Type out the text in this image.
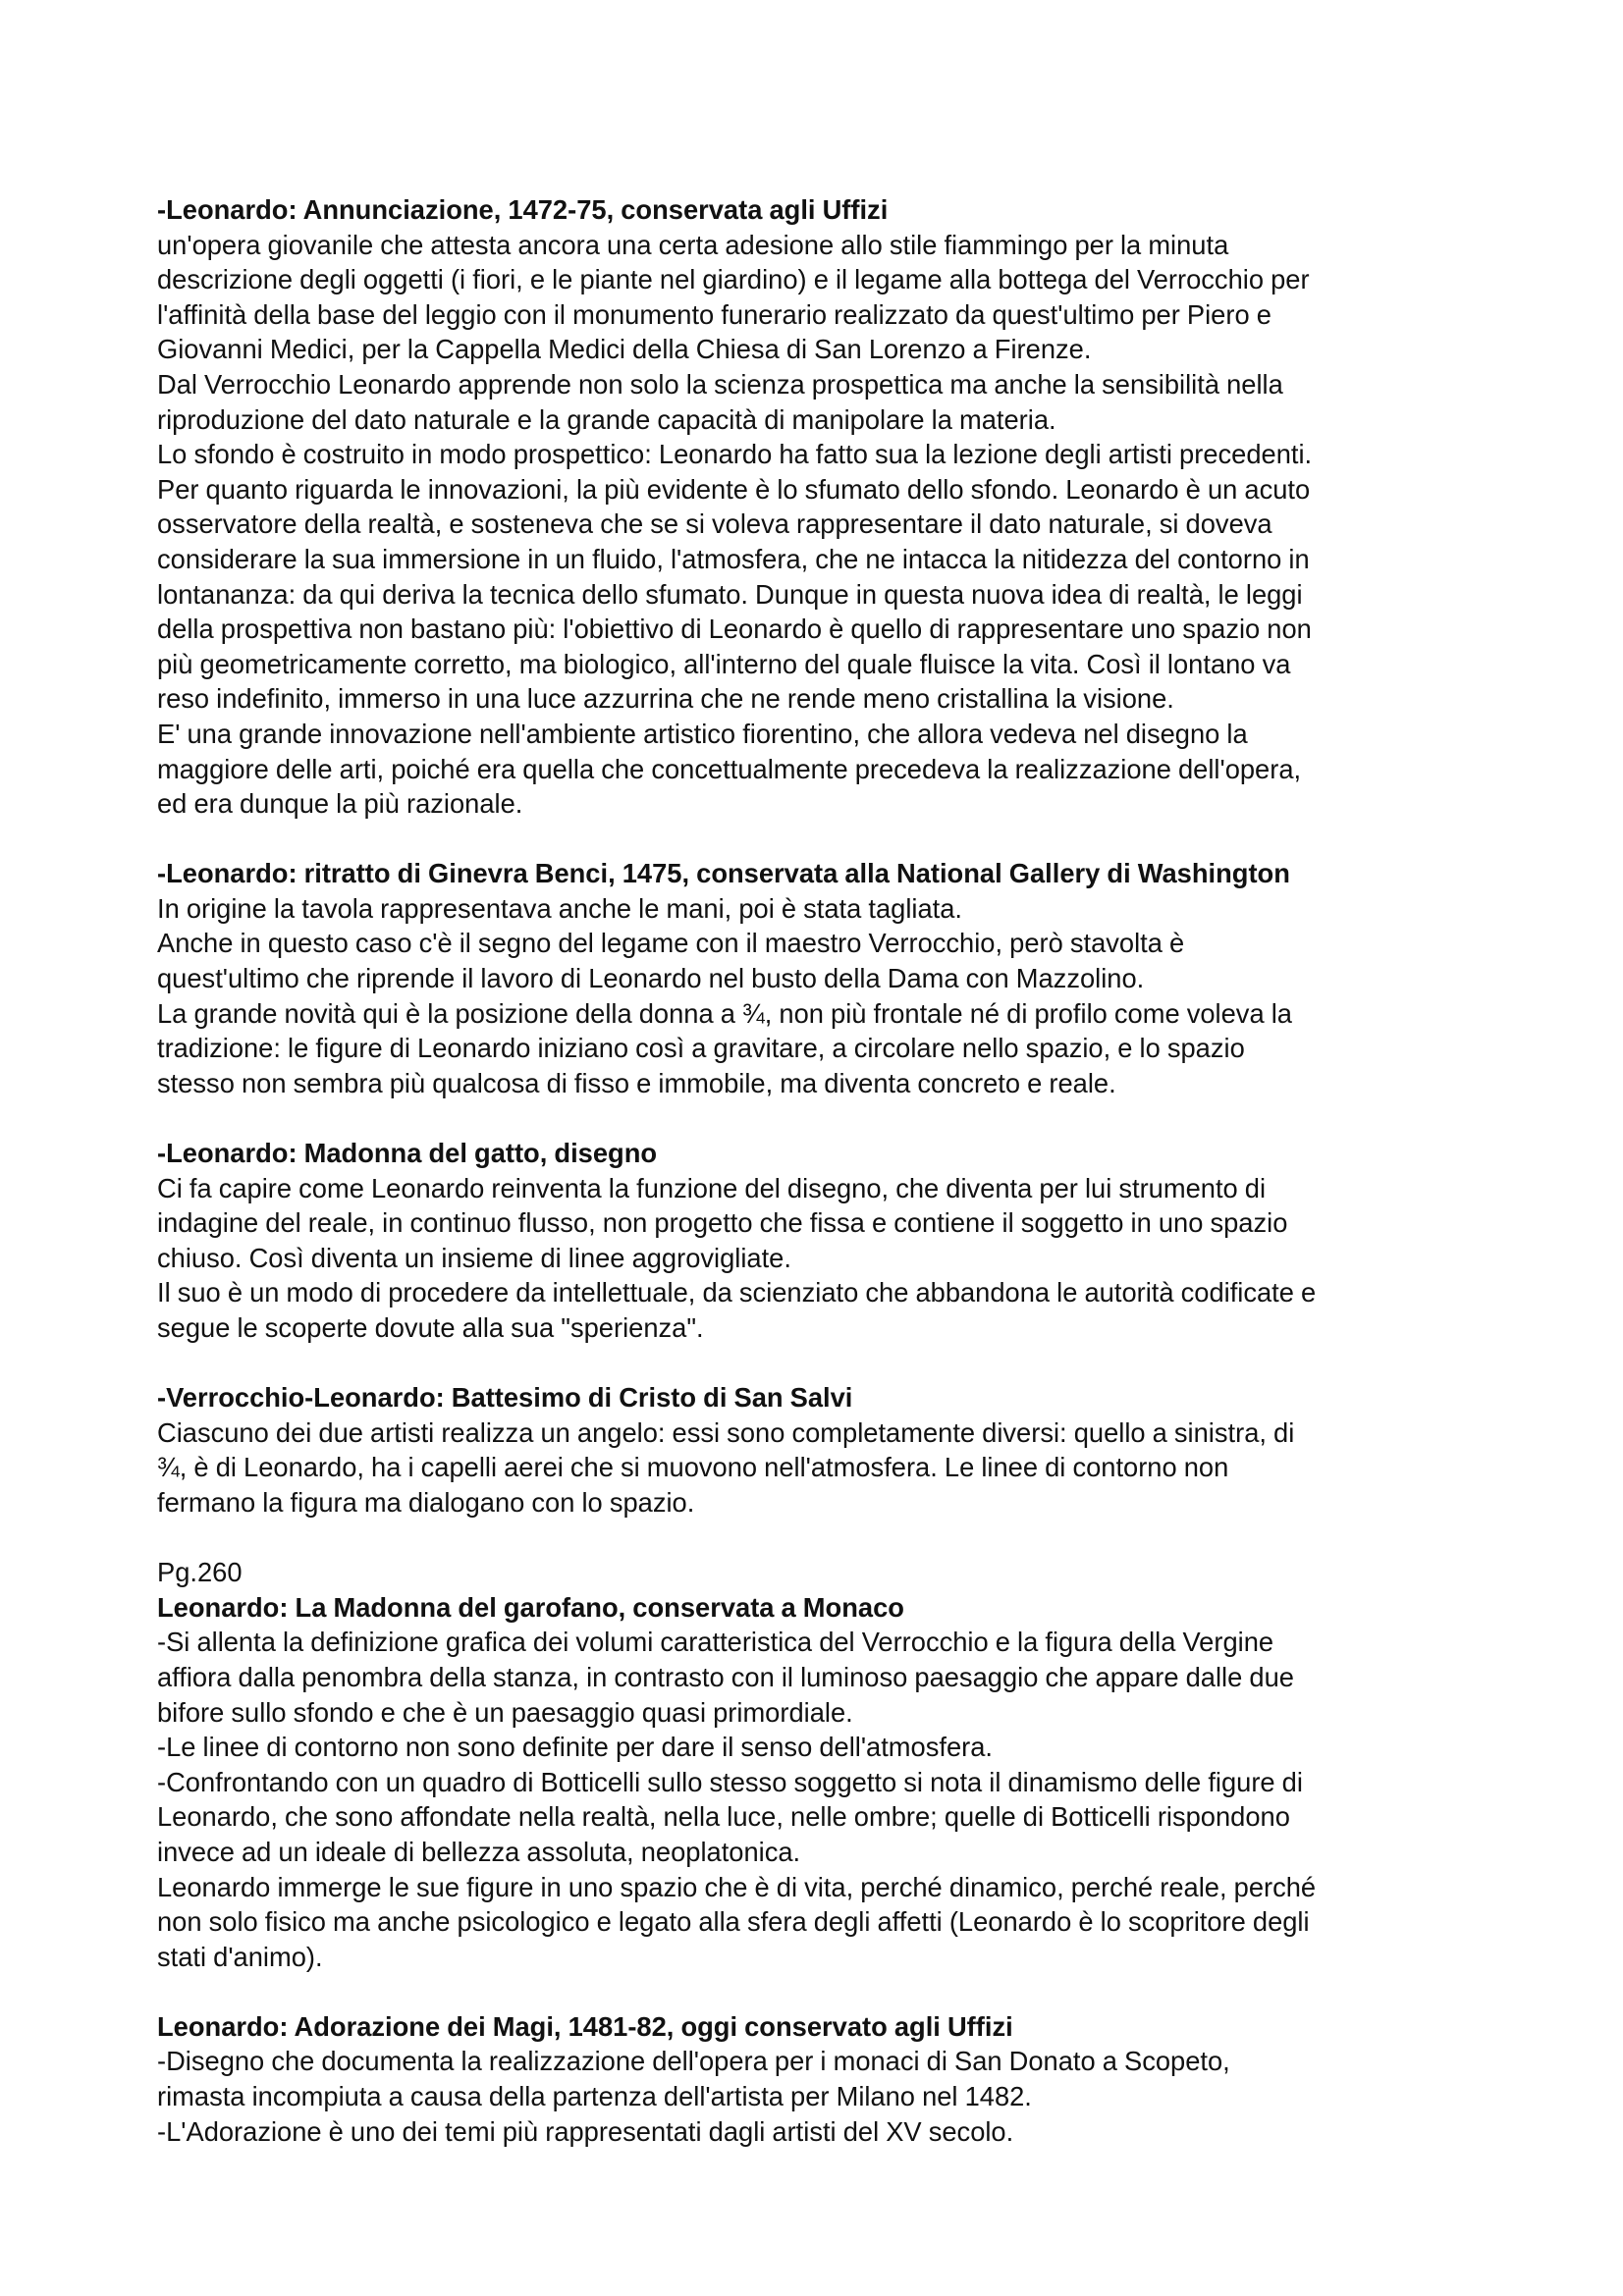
-Leonardo: Annunciazione, 1472-75, conservata agli Uffizi
un'opera giovanile che attesta ancora una certa adesione allo stile fiammingo per la minuta
descrizione degli oggetti (i fiori, e le piante nel giardino) e il legame alla bottega del Verrocchio per
l'affinità della base del leggio con il monumento funerario realizzato da quest'ultimo per Piero e
Giovanni Medici, per la Cappella Medici della Chiesa di San Lorenzo a Firenze.
Dal Verrocchio Leonardo apprende non solo la scienza prospettica ma anche la sensibilità nella
riproduzione del dato naturale e la grande capacità di manipolare la materia.
Lo sfondo è costruito in modo prospettico: Leonardo ha fatto sua la lezione degli artisti precedenti.
Per quanto riguarda le innovazioni, la più evidente è lo sfumato dello sfondo. Leonardo è un acuto
osservatore della realtà, e sosteneva che se si voleva rappresentare il dato naturale, si doveva
considerare la sua immersione in un fluido, l'atmosfera, che ne intacca la nitidezza del contorno in
lontananza: da qui deriva la tecnica dello sfumato. Dunque in questa nuova idea di realtà, le leggi
della prospettiva non bastano più: l'obiettivo di Leonardo è quello di rappresentare uno spazio non
più geometricamente corretto, ma biologico, all'interno del quale fluisce la vita. Così il lontano va
reso indefinito, immerso in una luce azzurrina che ne rende meno cristallina la visione.
E' una grande innovazione nell'ambiente artistico fiorentino, che allora vedeva nel disegno la
maggiore delle arti, poiché era quella che concettualmente precedeva la realizzazione dell'opera,
ed era dunque la più razionale.
-Leonardo: ritratto di Ginevra Benci, 1475, conservata alla National Gallery di Washington
In origine la tavola rappresentava anche le mani, poi è stata tagliata.
Anche in questo caso c'è il segno del legame con il maestro Verrocchio, però stavolta è
quest'ultimo che riprende il lavoro di Leonardo nel busto della Dama con Mazzolino.
La grande novità qui è la posizione della donna a ¾, non più frontale né di profilo come voleva la
tradizione: le figure di Leonardo iniziano così a gravitare, a circolare nello spazio, e lo spazio
stesso non sembra più qualcosa di fisso e immobile, ma diventa concreto e reale.
-Leonardo: Madonna del gatto, disegno
Ci fa capire come Leonardo reinventa la funzione del disegno, che diventa per lui strumento di
indagine del reale, in continuo flusso, non progetto che fissa e contiene il soggetto in uno spazio
chiuso. Così diventa un insieme di linee aggrovigliate.
Il suo è un modo di procedere da intellettuale, da scienziato che abbandona le autorità codificate e
segue le scoperte dovute alla sua "sperienza".
-Verrocchio-Leonardo: Battesimo di Cristo di San Salvi
Ciascuno dei due artisti realizza un angelo: essi sono completamente diversi: quello a sinistra, di
¾, è di Leonardo, ha i capelli aerei che si muovono nell'atmosfera. Le linee di contorno non
fermano la figura ma dialogano con lo spazio.
Pg.260
Leonardo: La Madonna del garofano, conservata a Monaco
-Si allenta la definizione grafica dei volumi caratteristica del Verrocchio e la figura della Vergine
affiora dalla penombra della stanza, in contrasto con il luminoso paesaggio che appare dalle due
bifore sullo sfondo e che è un paesaggio quasi primordiale.
-Le linee di contorno non sono definite per dare il senso dell'atmosfera.
-Confrontando con un quadro di Botticelli sullo stesso soggetto si nota il dinamismo delle figure di
Leonardo, che sono affondate nella realtà, nella luce, nelle ombre; quelle di Botticelli rispondono
invece ad un ideale di bellezza assoluta, neoplatonica.
Leonardo immerge le sue figure in uno spazio che è di vita, perché dinamico, perché reale, perché
non solo fisico ma anche psicologico e legato alla sfera degli affetti (Leonardo è lo scopritore degli
stati d'animo).
Leonardo: Adorazione dei Magi, 1481-82, oggi conservato agli Uffizi
-Disegno che documenta la realizzazione dell'opera per i monaci di San Donato a Scopeto,
rimasta incompiuta a causa della partenza dell'artista per Milano nel 1482.
-L'Adorazione è uno dei temi più rappresentati dagli artisti del XV secolo.
